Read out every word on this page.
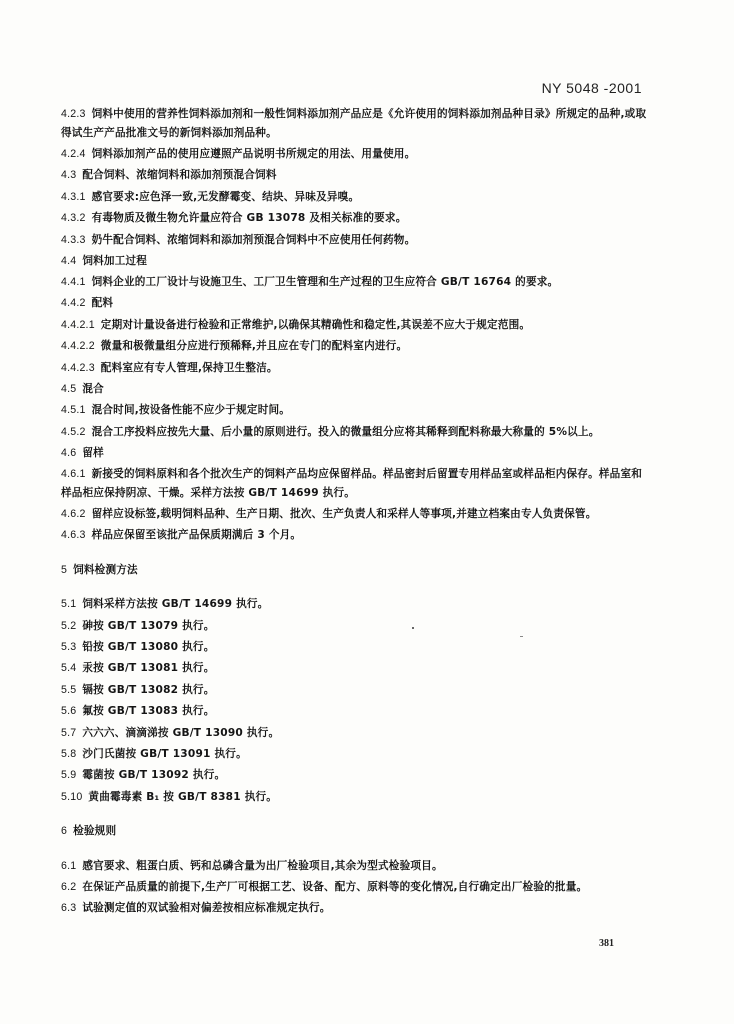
NY 5048 -2001
4.2.3 饲料中使用的营养性饲料添加剂和一般性饲料添加剂产品应是《允许使用的饲料添加剂品种目录》所规定的品种,或取得试生产产品批准文号的新饲料添加剂品种。
4.2.4 饲料添加剂产品的使用应遵照产品说明书所规定的用法、用量使用。
4.3 配合饲料、浓缩饲料和添加剂预混合饲料
4.3.1 感官要求:应色泽一致,无发酵霉变、结块、异味及异嗅。
4.3.2 有毒物质及微生物允许量应符合 GB 13078 及相关标准的要求。
4.3.3 奶牛配合饲料、浓缩饲料和添加剂预混合饲料中不应使用任何药物。
4.4 饲料加工过程
4.4.1 饲料企业的工厂设计与设施卫生、工厂卫生管理和生产过程的卫生应符合 GB/T 16764 的要求。
4.4.2 配料
4.4.2.1 定期对计量设备进行检验和正常维护,以确保其精确性和稳定性,其误差不应大于规定范围。
4.4.2.2 微量和极微量组分应进行预稀释,并且应在专门的配料室内进行。
4.4.2.3 配料室应有专人管理,保持卫生整洁。
4.5 混合
4.5.1 混合时间,按设备性能不应少于规定时间。
4.5.2 混合工序投料应按先大量、后小量的原则进行。投入的微量组分应将其稀释到配料称最大称量的 5%以上。
4.6 留样
4.6.1 新接受的饲料原料和各个批次生产的饲料产品均应保留样品。样品密封后留置专用样品室或样品柜内保存。样品室和样品柜应保持阴凉、干燥。采样方法按 GB/T 14699 执行。
4.6.2 留样应设标签,载明饲料品种、生产日期、批次、生产负责人和采样人等事项,并建立档案由专人负责保管。
4.6.3 样品应保留至该批产品保质期满后 3 个月。
5 饲料检测方法
5.1 饲料采样方法按 GB/T 14699 执行。
5.2 砷按 GB/T 13079 执行。
5.3 铅按 GB/T 13080 执行。
5.4 汞按 GB/T 13081 执行。
5.5 镉按 GB/T 13082 执行。
5.6 氟按 GB/T 13083 执行。
5.7 六六六、滴滴涕按 GB/T 13090 执行。
5.8 沙门氏菌按 GB/T 13091 执行。
5.9 霉菌按 GB/T 13092 执行。
5.10 黄曲霉毒素 B₁ 按 GB/T 8381 执行。
6 检验规则
6.1 感官要求、粗蛋白质、钙和总磷含量为出厂检验项目,其余为型式检验项目。
6.2 在保证产品质量的前提下,生产厂可根据工艺、设备、配方、原料等的变化情况,自行确定出厂检验的批量。
6.3 试验测定值的双试验相对偏差按相应标准规定执行。
381
